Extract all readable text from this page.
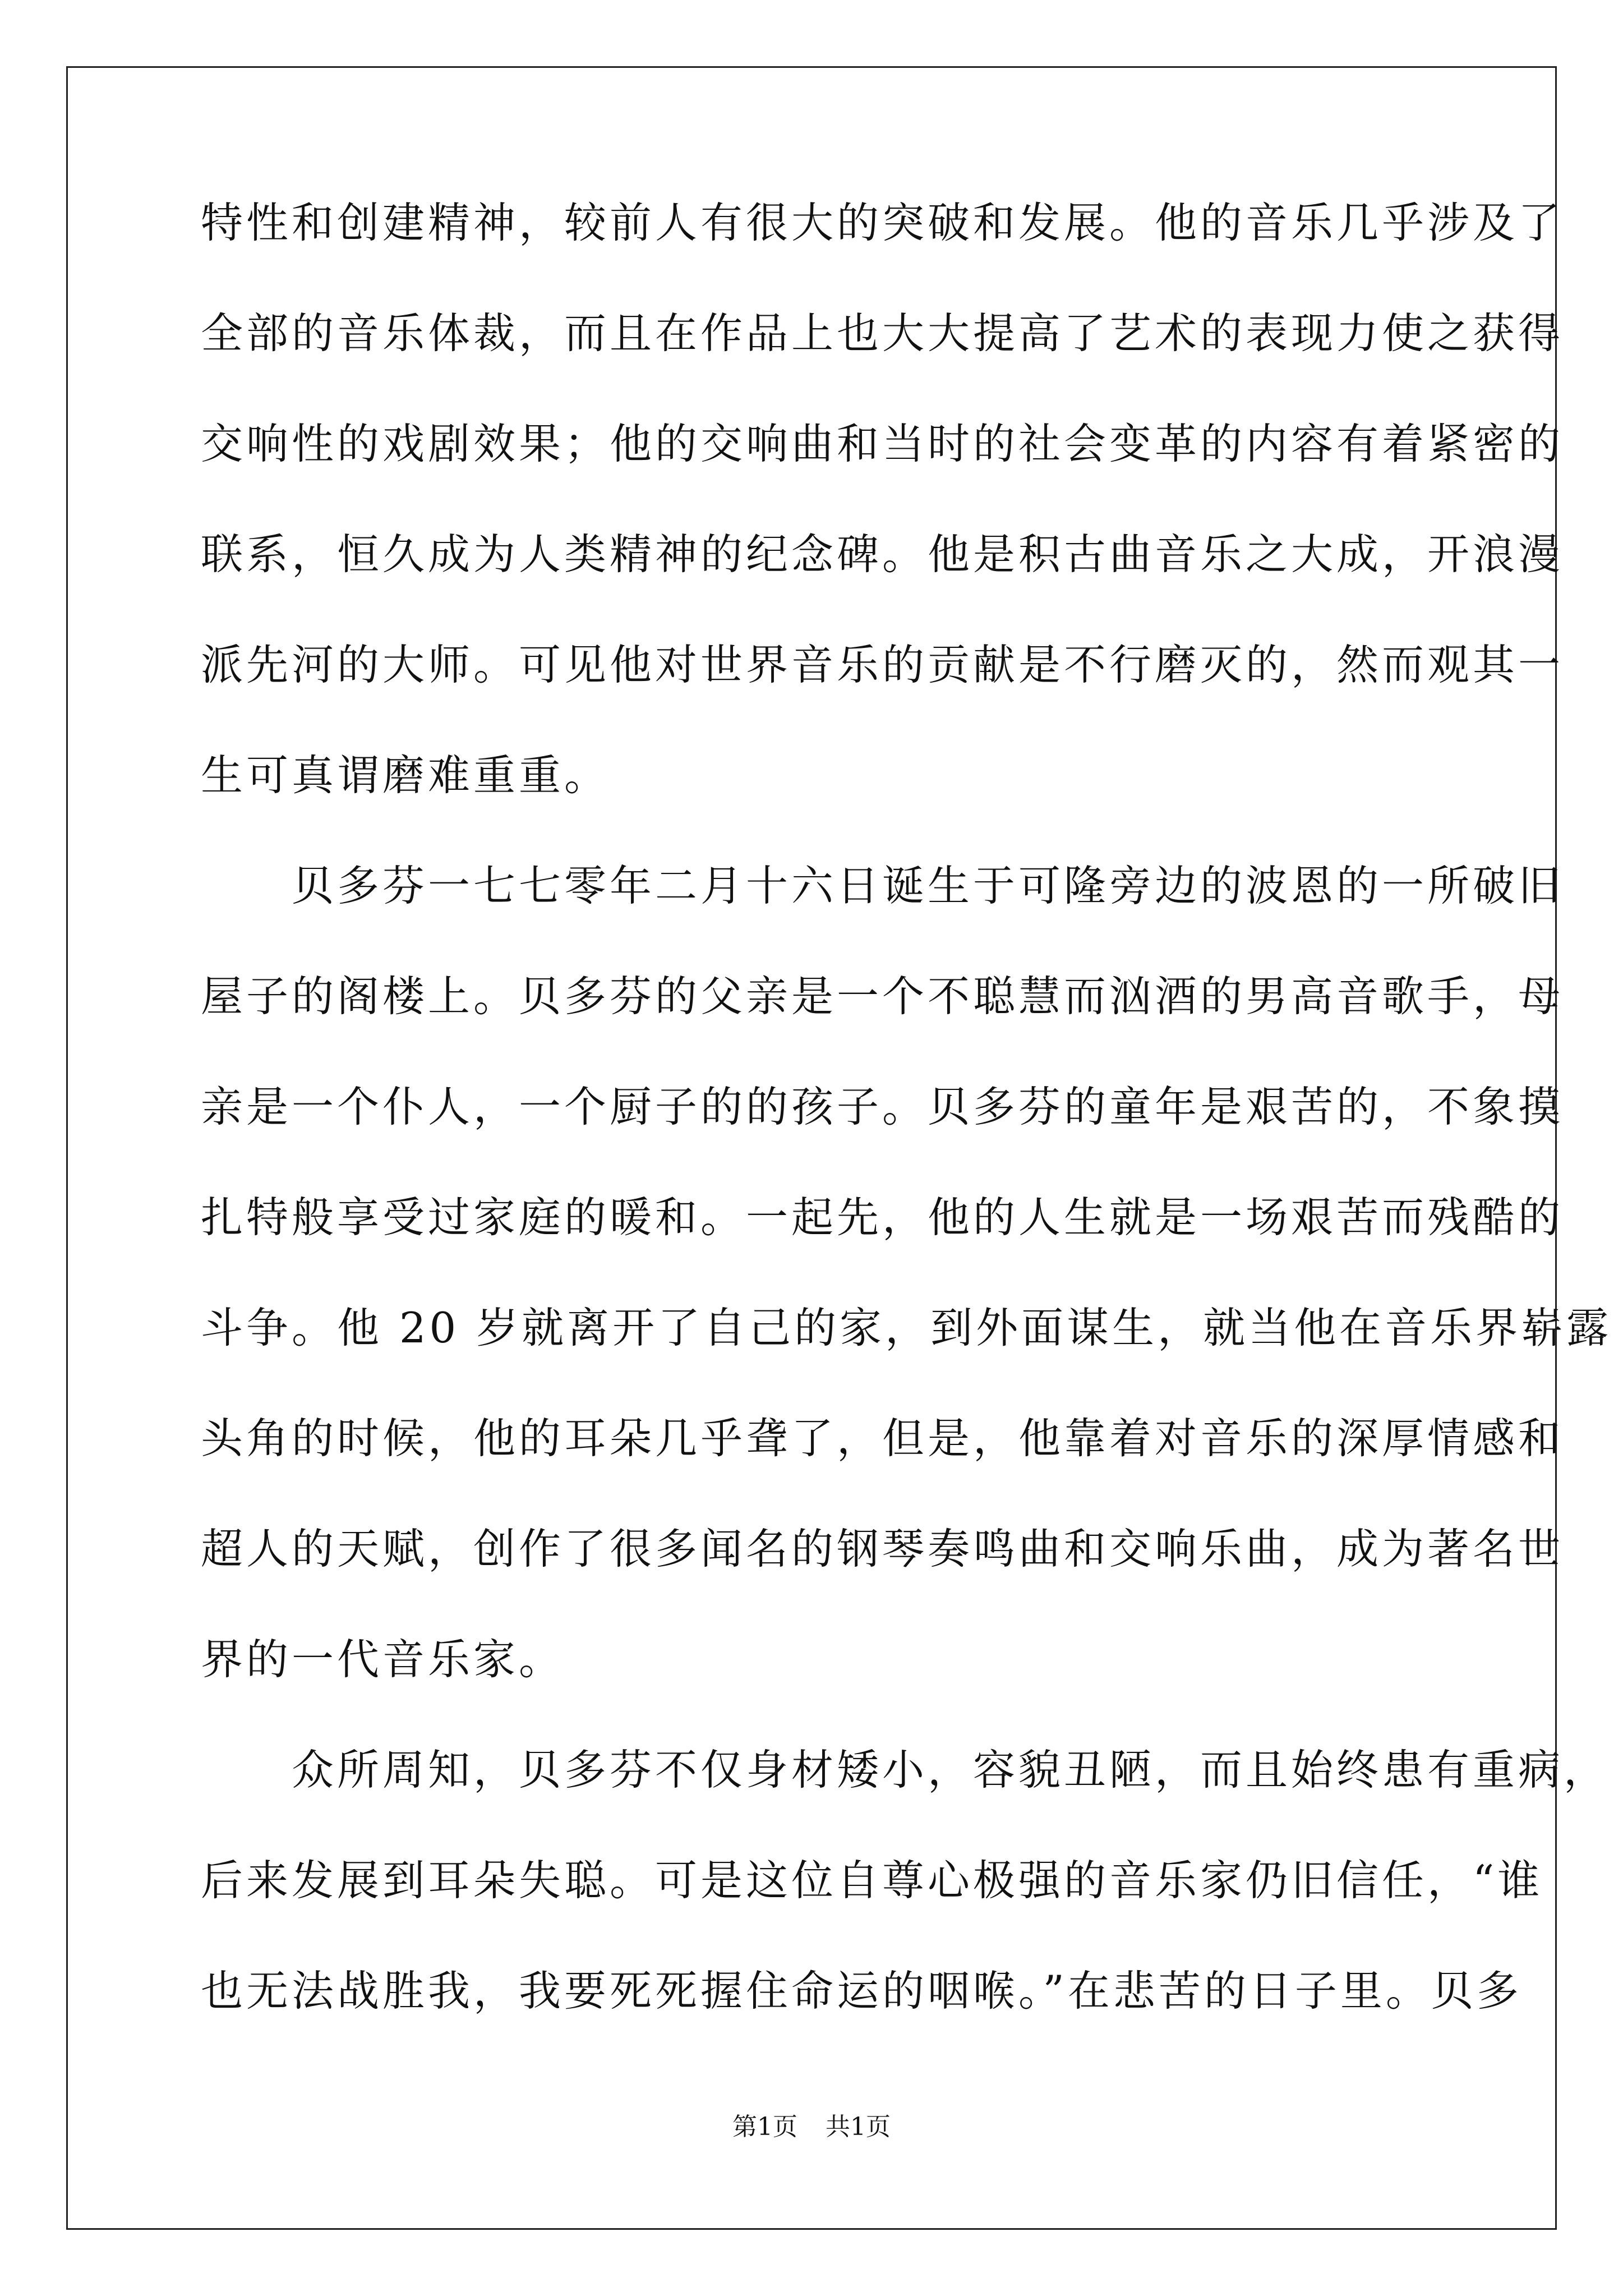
特性和创建精神，较前人有很大的突破和发展。他的音乐几乎涉及了
全部的音乐体裁，而且在作品上也大大提高了艺术的表现力使之获得
交响性的戏剧效果；他的交响曲和当时的社会变革的内容有着紧密的
联系，恒久成为人类精神的纪念碑。他是积古曲音乐之大成，开浪漫
派先河的大师。可见他对世界音乐的贡献是不行磨灭的，然而观其一
生可真谓磨难重重。
　　贝多芬一七七零年二月十六日诞生于可隆旁边的波恩的一所破旧
屋子的阁楼上。贝多芬的父亲是一个不聪慧而汹酒的男高音歌手，母
亲是一个仆人，一个厨子的的孩子。贝多芬的童年是艰苦的，不象摸
扎特般享受过家庭的暖和。一起先，他的人生就是一场艰苦而残酷的
斗争。他 20 岁就离开了自己的家，到外面谋生，就当他在音乐界崭露
头角的时候，他的耳朵几乎聋了，但是，他靠着对音乐的深厚情感和
超人的天赋，创作了很多闻名的钢琴奏鸣曲和交响乐曲，成为著名世
界的一代音乐家。
　　众所周知，贝多芬不仅身材矮小，容貌丑陋，而且始终患有重病，
后来发展到耳朵失聪。可是这位自尊心极强的音乐家仍旧信任，“谁
也无法战胜我，我要死死握住命运的咽喉。”在悲苦的日子里。贝多
第1页 共1页
